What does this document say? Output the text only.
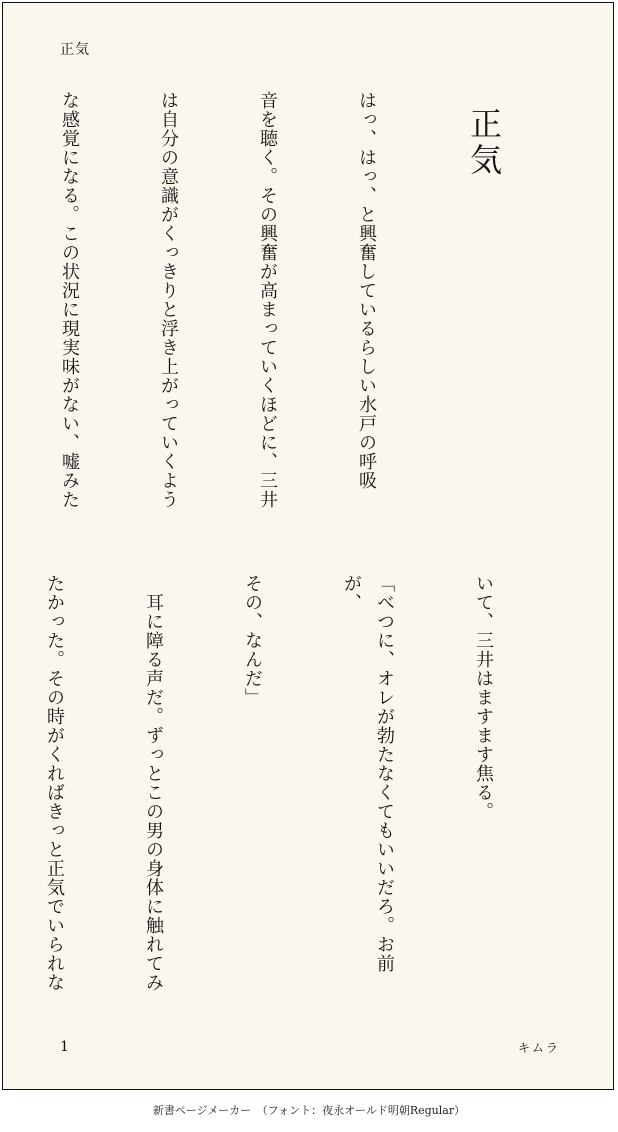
正気

正気

はっ、はっ、と興奮しているらしい水戸の呼吸

音を聴く。その興奮が高まっていくほどに、三井

は自分の意識がくっきりと浮き上がっていくよう

な感覚になる。この状況に現実味がない、嘘みた

いて、三井はますます焦る。

「べつに、オレが勃たなくてもいいだろ。お前が、

その、なんだ」

　耳に障る声だ。ずっとこの男の身体に触れてみ

たかった。その時がくればきっと正気でいられな

1	キムラ
新書ページメーカー　（フォント：夜永オールド明朝Regular）
